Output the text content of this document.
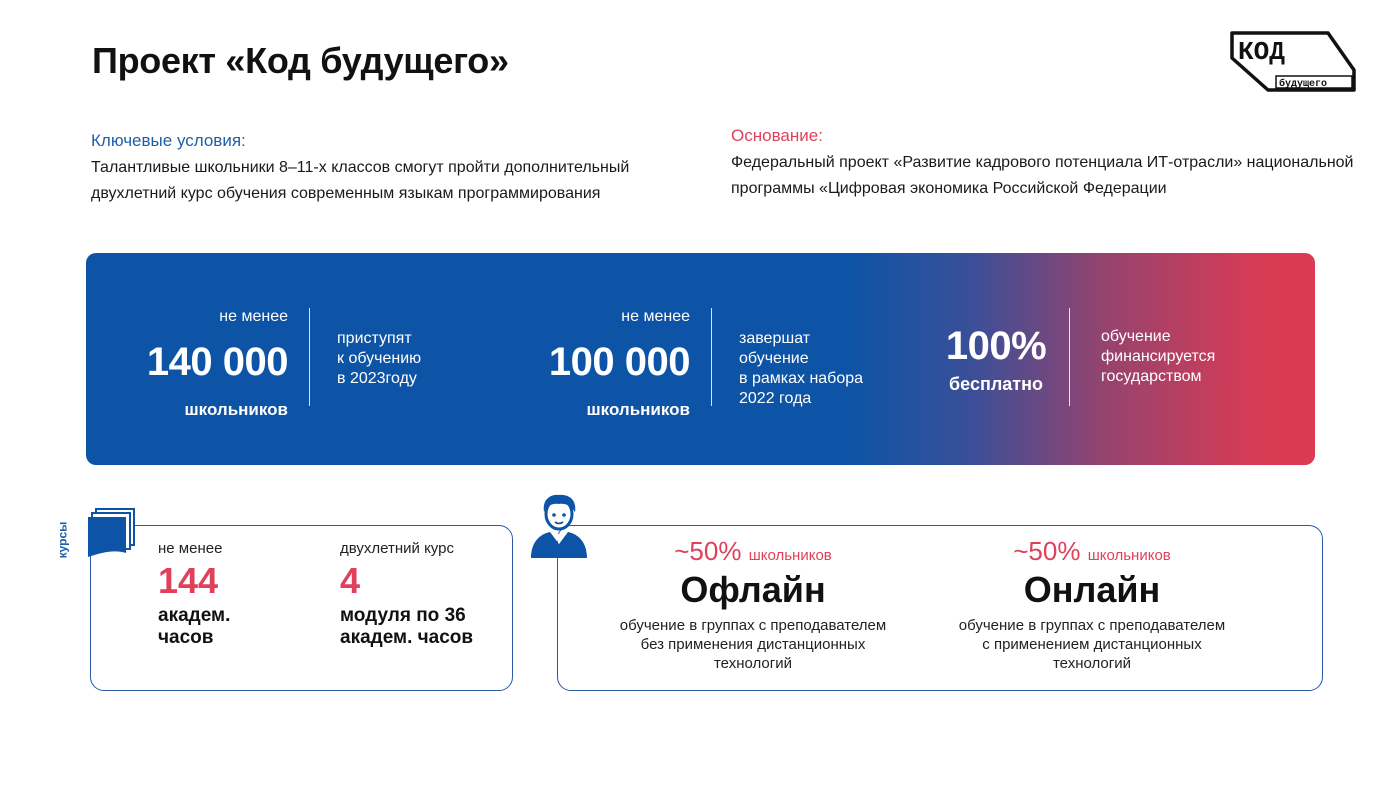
Проект «Код будущего»	КОД
будущего
Ключевые условия:
Талантливые школьники 8–11-х классов смогут пройти дополнительный двухлетний курс обучения современным языкам программирования
Основание:
Федеральный проект «Развитие кадрового потенциала ИТ-отрасли» национальной программы «Цифровая экономика Российской Федерации
не менее
140 000
школьников
приступят
к обучению
в 2023году
не менее
100 000
школьников
завершат
обучение
в рамках набора
2022 года
100%
бесплатно
обучение
финансируется
государством
курсы	не менее
144
академ.
часов
двухлетний курс
4
модуля по 36
академ. часов
~50% школьников
Офлайн
обучение в группах с преподавателем
без применения дистанционных
технологий
~50% школьников
Онлайн
обучение в группах с преподавателем
с применением дистанционных
технологий
